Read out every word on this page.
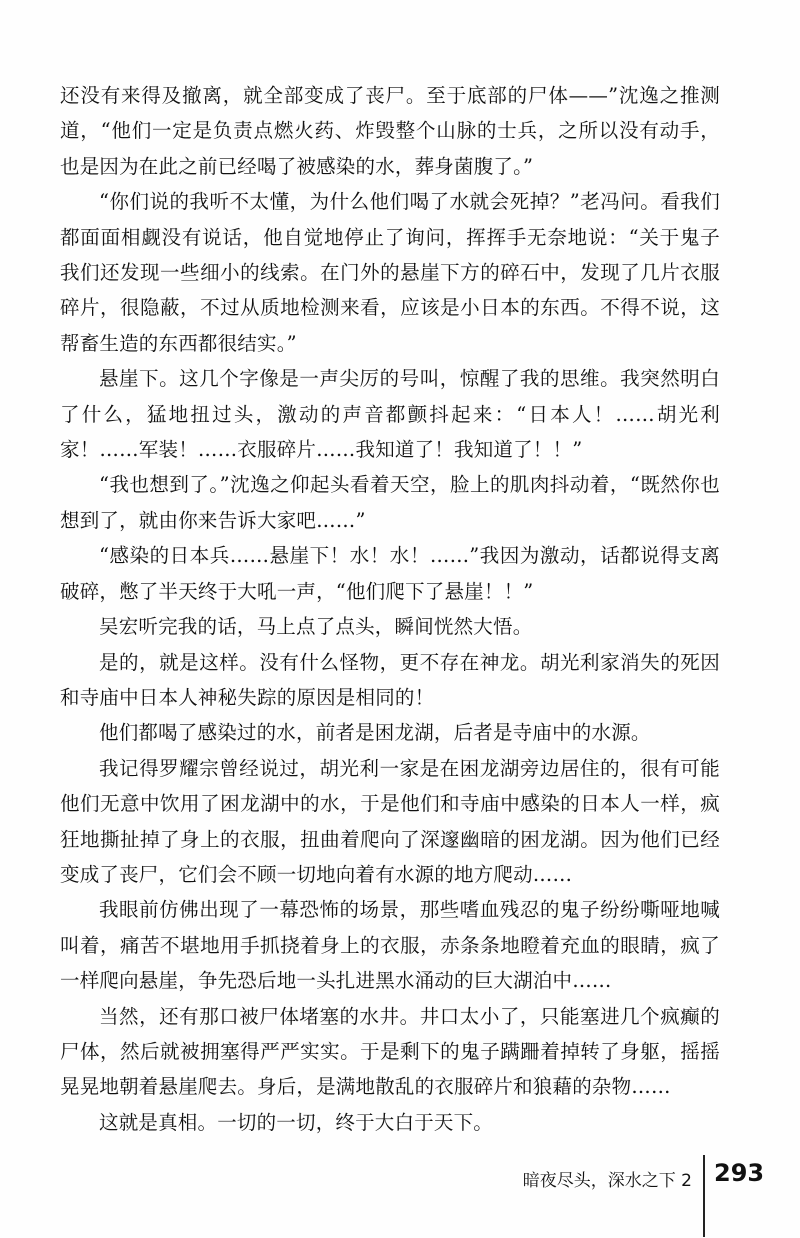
还没有来得及撤离，就全部变成了丧尸。至于底部的尸体——”沈逸之推测道，“他们一定是负责点燃火药、炸毁整个山脉的士兵，之所以没有动手，也是因为在此之前已经喝了被感染的水，葬身菌腹了。”

“你们说的我听不太懂，为什么他们喝了水就会死掉？”老冯问。看我们都面面相觑没有说话，他自觉地停止了询问，挥挥手无奈地说：“关于鬼子我们还发现一些细小的线索。在门外的悬崖下方的碎石中，发现了几片衣服碎片，很隐蔽，不过从质地检测来看，应该是小日本的东西。不得不说，这帮畜生造的东西都很结实。”

悬崖下。这几个字像是一声尖厉的号叫，惊醒了我的思维。我突然明白了什么，猛地扭过头，激动的声音都颤抖起来：“日本人！……胡光利家！……军装！……衣服碎片……我知道了！我知道了！！”

“我也想到了。”沈逸之仰起头看着天空，脸上的肌肉抖动着，“既然你也想到了，就由你来告诉大家吧……”

“感染的日本兵……悬崖下！水！水！……”我因为激动，话都说得支离破碎，憋了半天终于大吼一声，“他们爬下了悬崖！！”

吴宏听完我的话，马上点了点头，瞬间恍然大悟。

是的，就是这样。没有什么怪物，更不存在神龙。胡光利家消失的死因和寺庙中日本人神秘失踪的原因是相同的！

他们都喝了感染过的水，前者是困龙湖，后者是寺庙中的水源。

我记得罗耀宗曾经说过，胡光利一家是在困龙湖旁边居住的，很有可能他们无意中饮用了困龙湖中的水，于是他们和寺庙中感染的日本人一样，疯狂地撕扯掉了身上的衣服，扭曲着爬向了深邃幽暗的困龙湖。因为他们已经变成了丧尸，它们会不顾一切地向着有水源的地方爬动……

我眼前仿佛出现了一幕恐怖的场景，那些嗜血残忍的鬼子纷纷嘶哑地喊叫着，痛苦不堪地用手抓挠着身上的衣服，赤条条地瞪着充血的眼睛，疯了一样爬向悬崖，争先恐后地一头扎进黑水涌动的巨大湖泊中……

当然，还有那口被尸体堵塞的水井。井口太小了，只能塞进几个疯癫的尸体，然后就被拥塞得严严实实。于是剩下的鬼子蹒跚着掉转了身躯，摇摇晃晃地朝着悬崖爬去。身后，是满地散乱的衣服碎片和狼藉的杂物……

这就是真相。一切的一切，终于大白于天下。

暗夜尽头，深水之下 2 293
